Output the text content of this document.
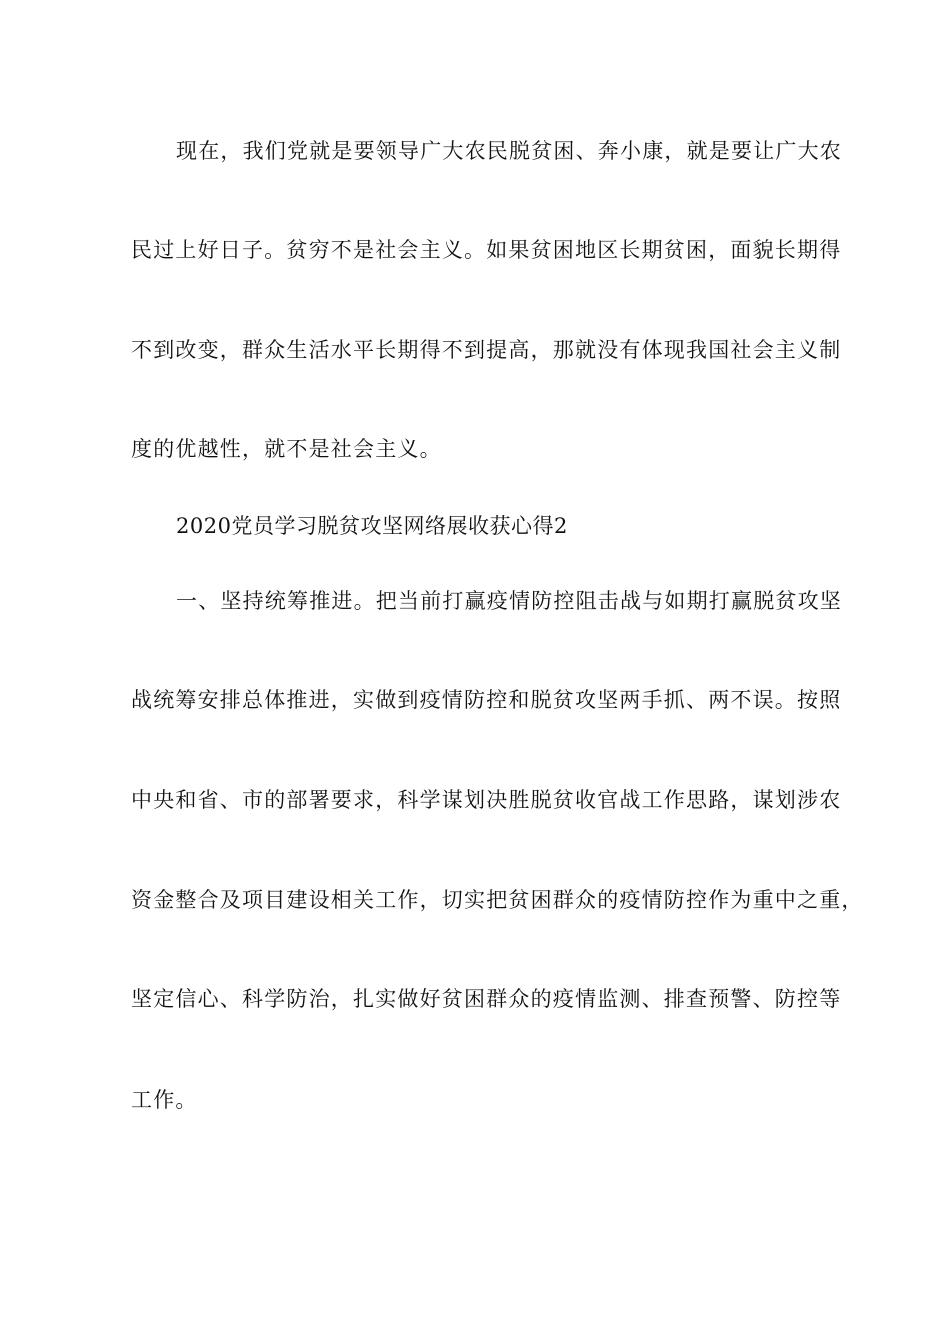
现在，我们党就是要领导广大农民脱贫困、奔小康，就是要让广大农
民过上好日子。贫穷不是社会主义。如果贫困地区长期贫困，面貌长期得
不到改变，群众生活水平长期得不到提高，那就没有体现我国社会主义制
度的优越性，就不是社会主义。
2020党员学习脱贫攻坚网络展收获心得2
一、坚持统筹推进。把当前打赢疫情防控阻击战与如期打赢脱贫攻坚
战统筹安排总体推进，实做到疫情防控和脱贫攻坚两手抓、两不误。按照
中央和省、市的部署要求，科学谋划决胜脱贫收官战工作思路，谋划涉农
资金整合及项目建设相关工作，切实把贫困群众的疫情防控作为重中之重，
坚定信心、科学防治，扎实做好贫困群众的疫情监测、排查预警、防控等
工作。
